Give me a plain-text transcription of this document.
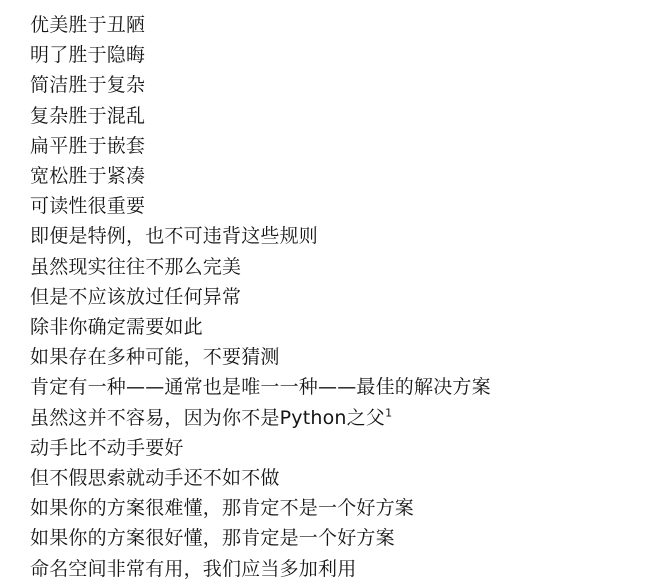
优美胜于丑陋
明了胜于隐晦
简洁胜于复杂
复杂胜于混乱
扁平胜于嵌套
宽松胜于紧凑
可读性很重要
即便是特例，也不可违背这些规则
虽然现实往往不那么完美
但是不应该放过任何异常
除非你确定需要如此
如果存在多种可能，不要猜测
肯定有一种——通常也是唯一一种——最佳的解决方案
虽然这并不容易，因为你不是Python之父$^1$
动手比不动手要好
但不假思索就动手还不如不做
如果你的方案很难懂，那肯定不是一个好方案
如果你的方案很好懂，那肯定是一个好方案
命名空间非常有用，我们应当多加利用
